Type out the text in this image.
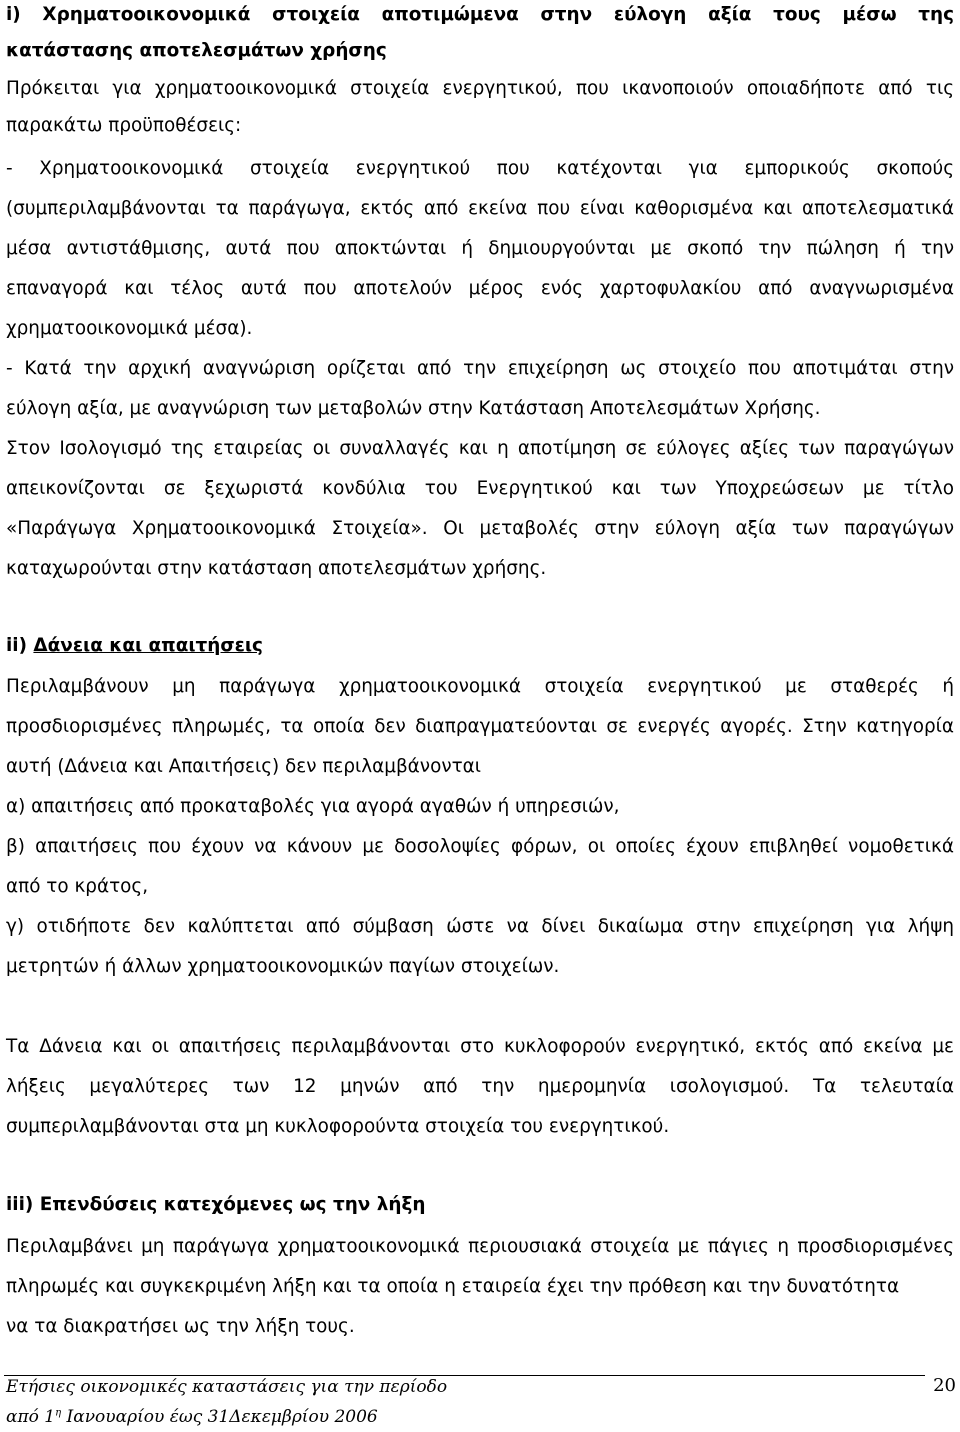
i) Χρηματοοικονομικά στοιχεία αποτιμώμενα στην εύλογη αξία τους μέσω της
κατάστασης αποτελεσμάτων χρήσης
Πρόκειται για χρηματοοικονομικά στοιχεία ενεργητικού, που ικανοποιούν οποιαδήποτε από τις
παρακάτω προϋποθέσεις:
- Χρηματοοικονομικά στοιχεία ενεργητικού που κατέχονται για εμπορικούς σκοπούς
(συμπεριλαμβάνονται τα παράγωγα, εκτός από εκείνα που είναι καθορισμένα και αποτελεσματικά
μέσα αντιστάθμισης, αυτά που αποκτώνται ή δημιουργούνται με σκοπό την πώληση ή την
επαναγορά και τέλος αυτά που αποτελούν μέρος ενός χαρτοφυλακίου από αναγνωρισμένα
χρηματοοικονομικά μέσα).
- Κατά την αρχική αναγνώριση ορίζεται από την επιχείρηση ως στοιχείο που αποτιμάται στην
εύλογη αξία, με αναγνώριση των μεταβολών στην Κατάσταση Αποτελεσμάτων Χρήσης.
Στον Ισολογισμό της εταιρείας οι συναλλαγές και η αποτίμηση σε εύλογες αξίες των παραγώγων
απεικονίζονται σε ξεχωριστά κονδύλια του Ενεργητικού και των Υποχρεώσεων με τίτλο
«Παράγωγα Χρηματοοικονομικά Στοιχεία». Οι μεταβολές στην εύλογη αξία των παραγώγων
καταχωρούνται στην κατάσταση αποτελεσμάτων χρήσης.
ii) Δάνεια και απαιτήσεις
Περιλαμβάνουν μη παράγωγα χρηματοοικονομικά στοιχεία ενεργητικού με σταθερές ή
προσδιορισμένες πληρωμές, τα οποία δεν διαπραγματεύονται σε ενεργές αγορές. Στην κατηγορία
αυτή (Δάνεια και Απαιτήσεις) δεν περιλαμβάνονται
α) απαιτήσεις από προκαταβολές για αγορά αγαθών ή υπηρεσιών,
β) απαιτήσεις που έχουν να κάνουν με δοσολοψίες φόρων, οι οποίες έχουν επιβληθεί νομοθετικά
από το κράτος,
γ) οτιδήποτε δεν καλύπτεται από σύμβαση ώστε να δίνει δικαίωμα στην επιχείρηση για λήψη
μετρητών ή άλλων χρηματοοικονομικών παγίων στοιχείων.
Τα Δάνεια και οι απαιτήσεις περιλαμβάνονται στο κυκλοφορούν ενεργητικό, εκτός από εκείνα με
λήξεις μεγαλύτερες των 12 μηνών από την ημερομηνία ισολογισμού. Τα τελευταία
συμπεριλαμβάνονται στα μη κυκλοφορούντα στοιχεία του ενεργητικού.
iii) Επενδύσεις κατεχόμενες ως την λήξη
Περιλαμβάνει μη παράγωγα χρηματοοικονομικά περιουσιακά στοιχεία με πάγιες η προσδιορισμένες
πληρωμές και συγκεκριμένη λήξη και τα οποία η εταιρεία έχει την πρόθεση και την δυνατότητα
να τα διακρατήσει ως την λήξη τους.
Ετήσιες οικονομικές καταστάσεις για την περίοδο
από $1^\eta$ Ιανουαρίου έως 31Δεκεμβρίου 2006
20
